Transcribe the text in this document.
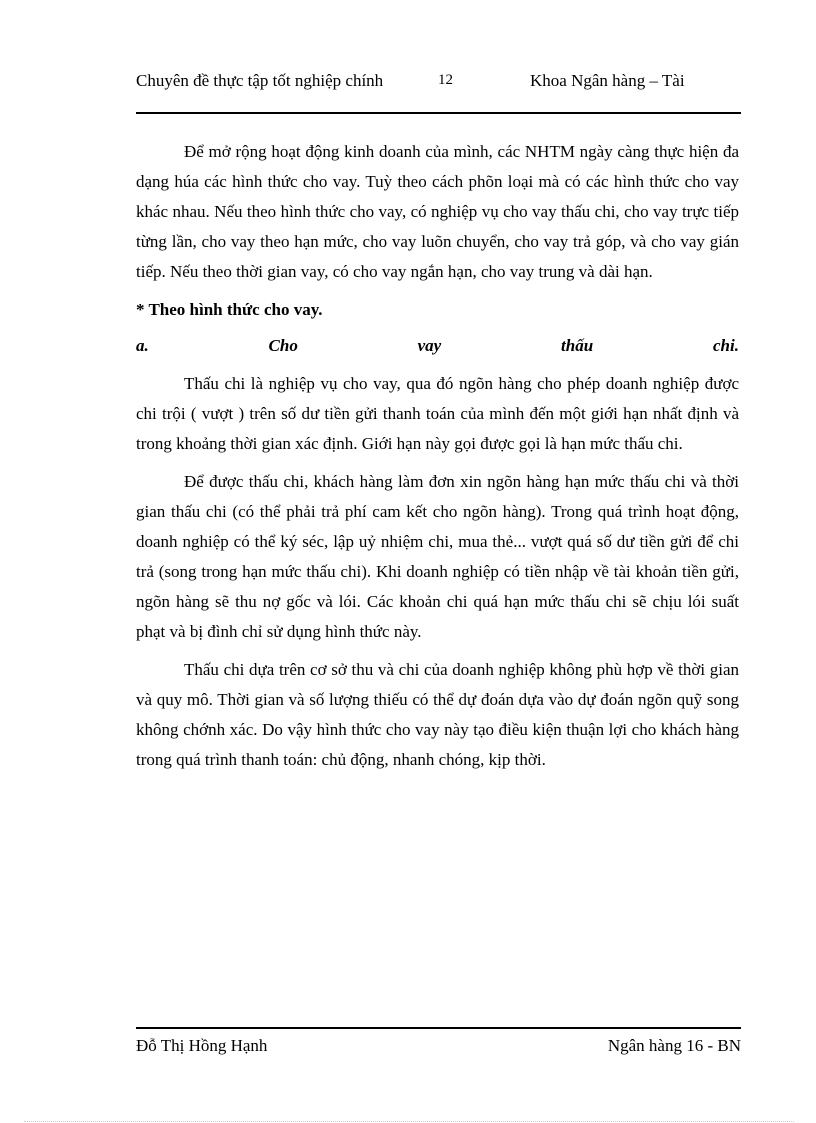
Chuyên đề thực tập tốt nghiệp chính	12	Khoa Ngân hàng – Tài

Để mở rộng hoạt động kinh doanh của mình, các NHTM ngày càng thực hiện đa dạng húa các hình thức cho vay. Tuỳ theo cách phõn loại mà có các hình thức cho vay khác nhau. Nếu theo hình thức cho vay, có nghiệp vụ cho vay thấu chi, cho vay trực tiếp từng lần, cho vay theo hạn mức, cho vay luõn chuyển, cho vay trả góp, và cho vay gián tiếp. Nếu theo thời gian vay, có cho vay ngắn hạn, cho vay trung và dài hạn.

* Theo hình thức cho vay.

a.	Cho	vay	thấu	chi.

Thấu chi là nghiệp vụ cho vay, qua đó ngõn hàng cho phép doanh nghiệp được chi trội ( vượt ) trên số dư tiền gửi thanh toán của mình đến một giới hạn nhất định và trong khoảng thời gian xác định. Giới hạn này gọi được gọi là hạn mức thấu chi.

Để được thấu chi, khách hàng làm đơn xin ngõn hàng hạn mức thấu chi và thời gian thấu chi (có thể phải trả phí cam kết cho ngõn hàng). Trong quá trình hoạt động, doanh nghiệp có thể ký séc, lập uỷ nhiệm chi, mua thẻ... vượt quá số dư tiền gửi để chi trả (song trong hạn mức thấu chi). Khi doanh nghiệp có tiền nhập về tài khoản tiền gửi, ngõn hàng sẽ thu nợ gốc và lói. Các khoản chi quá hạn mức thấu chi sẽ chịu lói suất phạt và bị đình chỉ sử dụng hình thức này.

Thấu chi dựa trên cơ sở thu và chi của doanh nghiệp không phù hợp về thời gian và quy mô. Thời gian và số lượng thiếu có thể dự đoán dựa vào dự đoán ngõn quỹ song không chớnh xác. Do vậy hình thức cho vay này tạo điều kiện thuận lợi cho khách hàng trong quá trình thanh toán: chủ động, nhanh chóng, kịp thời.

Đỗ Thị Hồng Hạnh	Ngân hàng 16 - BN
